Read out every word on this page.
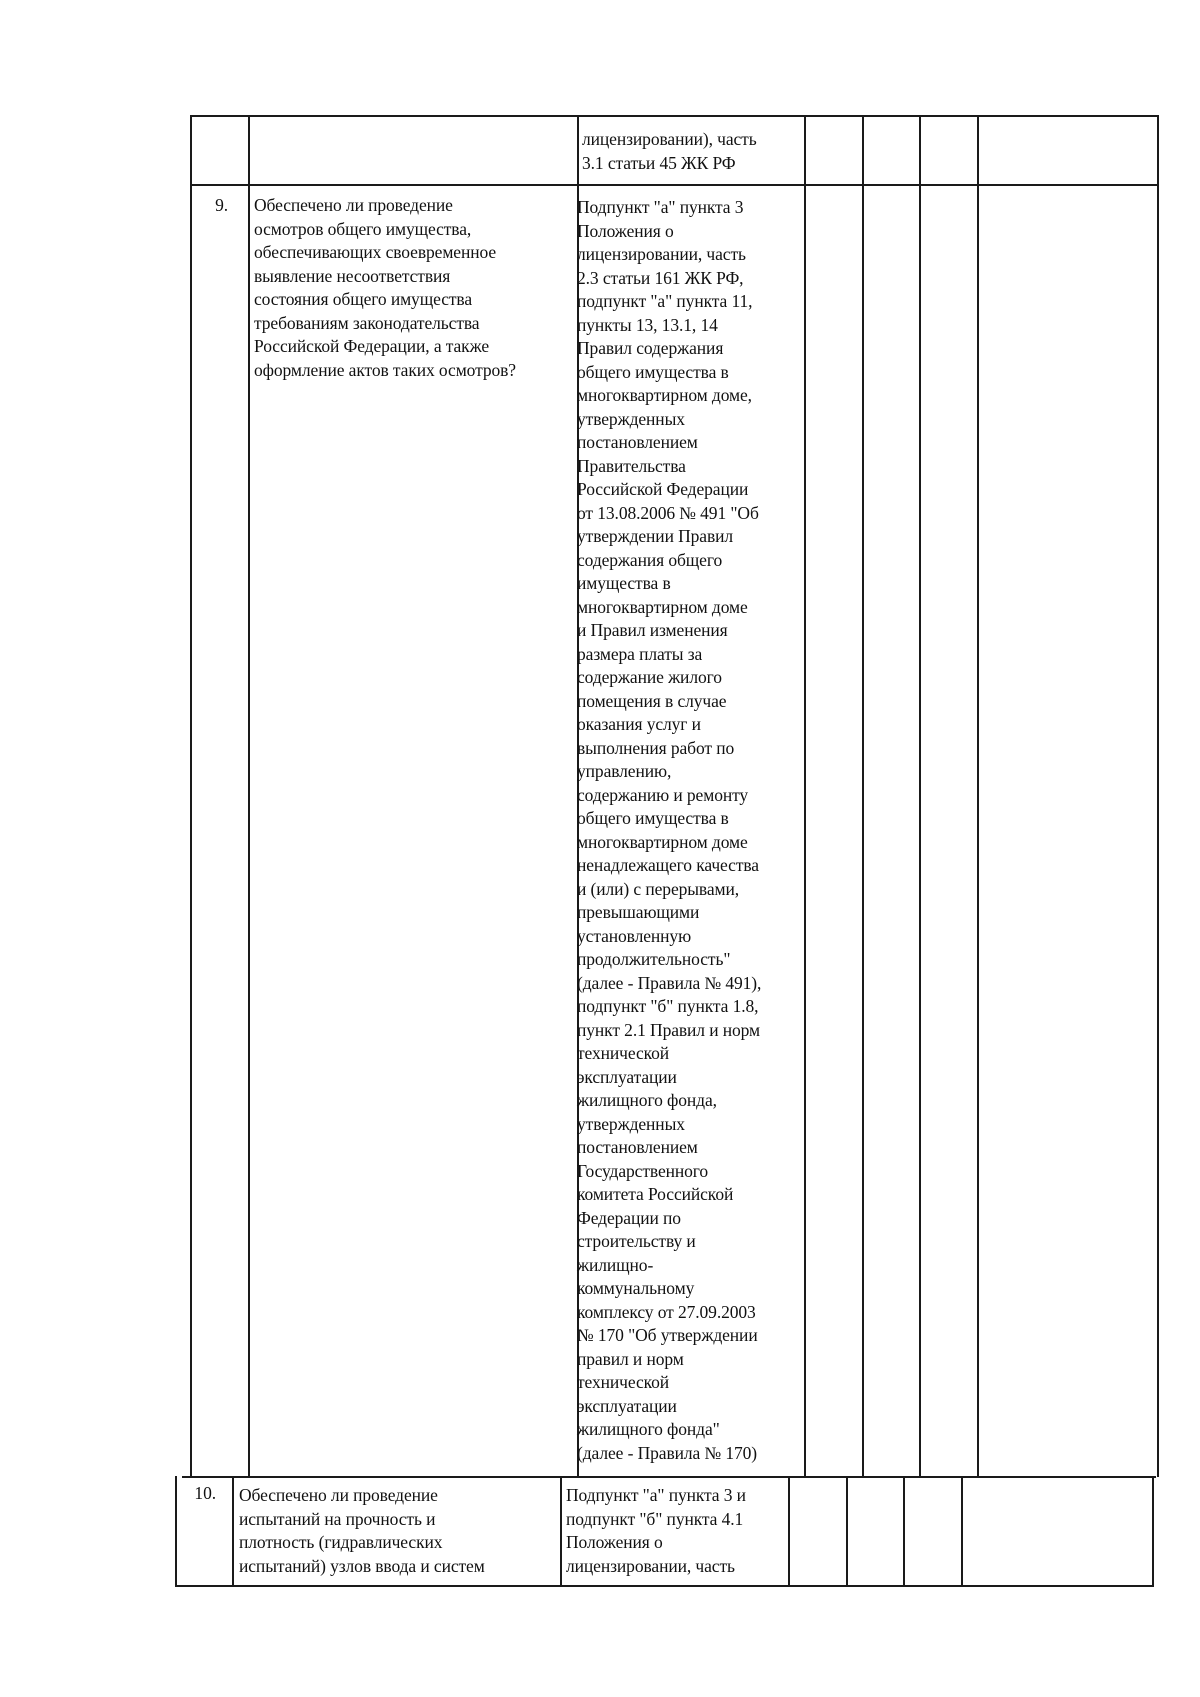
лицензировании), часть
3.1 статьи 45 ЖК РФ
9. Обеспечено ли проведение
осмотров общего имущества,
обеспечивающих своевременное
выявление несоответствия
состояния общего имущества
требованиям законодательства
Российской Федерации, а также
оформление актов таких осмотров?
Подпункт "а" пункта 3
Положения о
лицензировании, часть
2.3 статьи 161 ЖК РФ,
подпункт "а" пункта 11,
пункты 13, 13.1, 14
Правил содержания
общего имущества в
многоквартирном доме,
утвержденных
постановлением
Правительства
Российской Федерации
от 13.08.2006 № 491 "Об
утверждении Правил
содержания общего
имущества в
многоквартирном доме
и Правил изменения
размера платы за
содержание жилого
помещения в случае
оказания услуг и
выполнения работ по
управлению,
содержанию и ремонту
общего имущества в
многоквартирном доме
ненадлежащего качества
и (или) с перерывами,
превышающими
установленную
продолжительность"
(далее - Правила № 491),
подпункт "б" пункта 1.8,
пункт 2.1 Правил и норм
технической
эксплуатации
жилищного фонда,
утвержденных
постановлением
Государственного
комитета Российской
Федерации по
строительству и
жилищно-
коммунальному
комплексу от 27.09.2003
№ 170 "Об утверждении
правил и норм
технической
эксплуатации
жилищного фонда"
(далее - Правила № 170)
10. Обеспечено ли проведение
испытаний на прочность и
плотность (гидравлических
испытаний) узлов ввода и систем
Подпункт "а" пункта 3 и
подпункт "б" пункта 4.1
Положения о
лицензировании, часть
